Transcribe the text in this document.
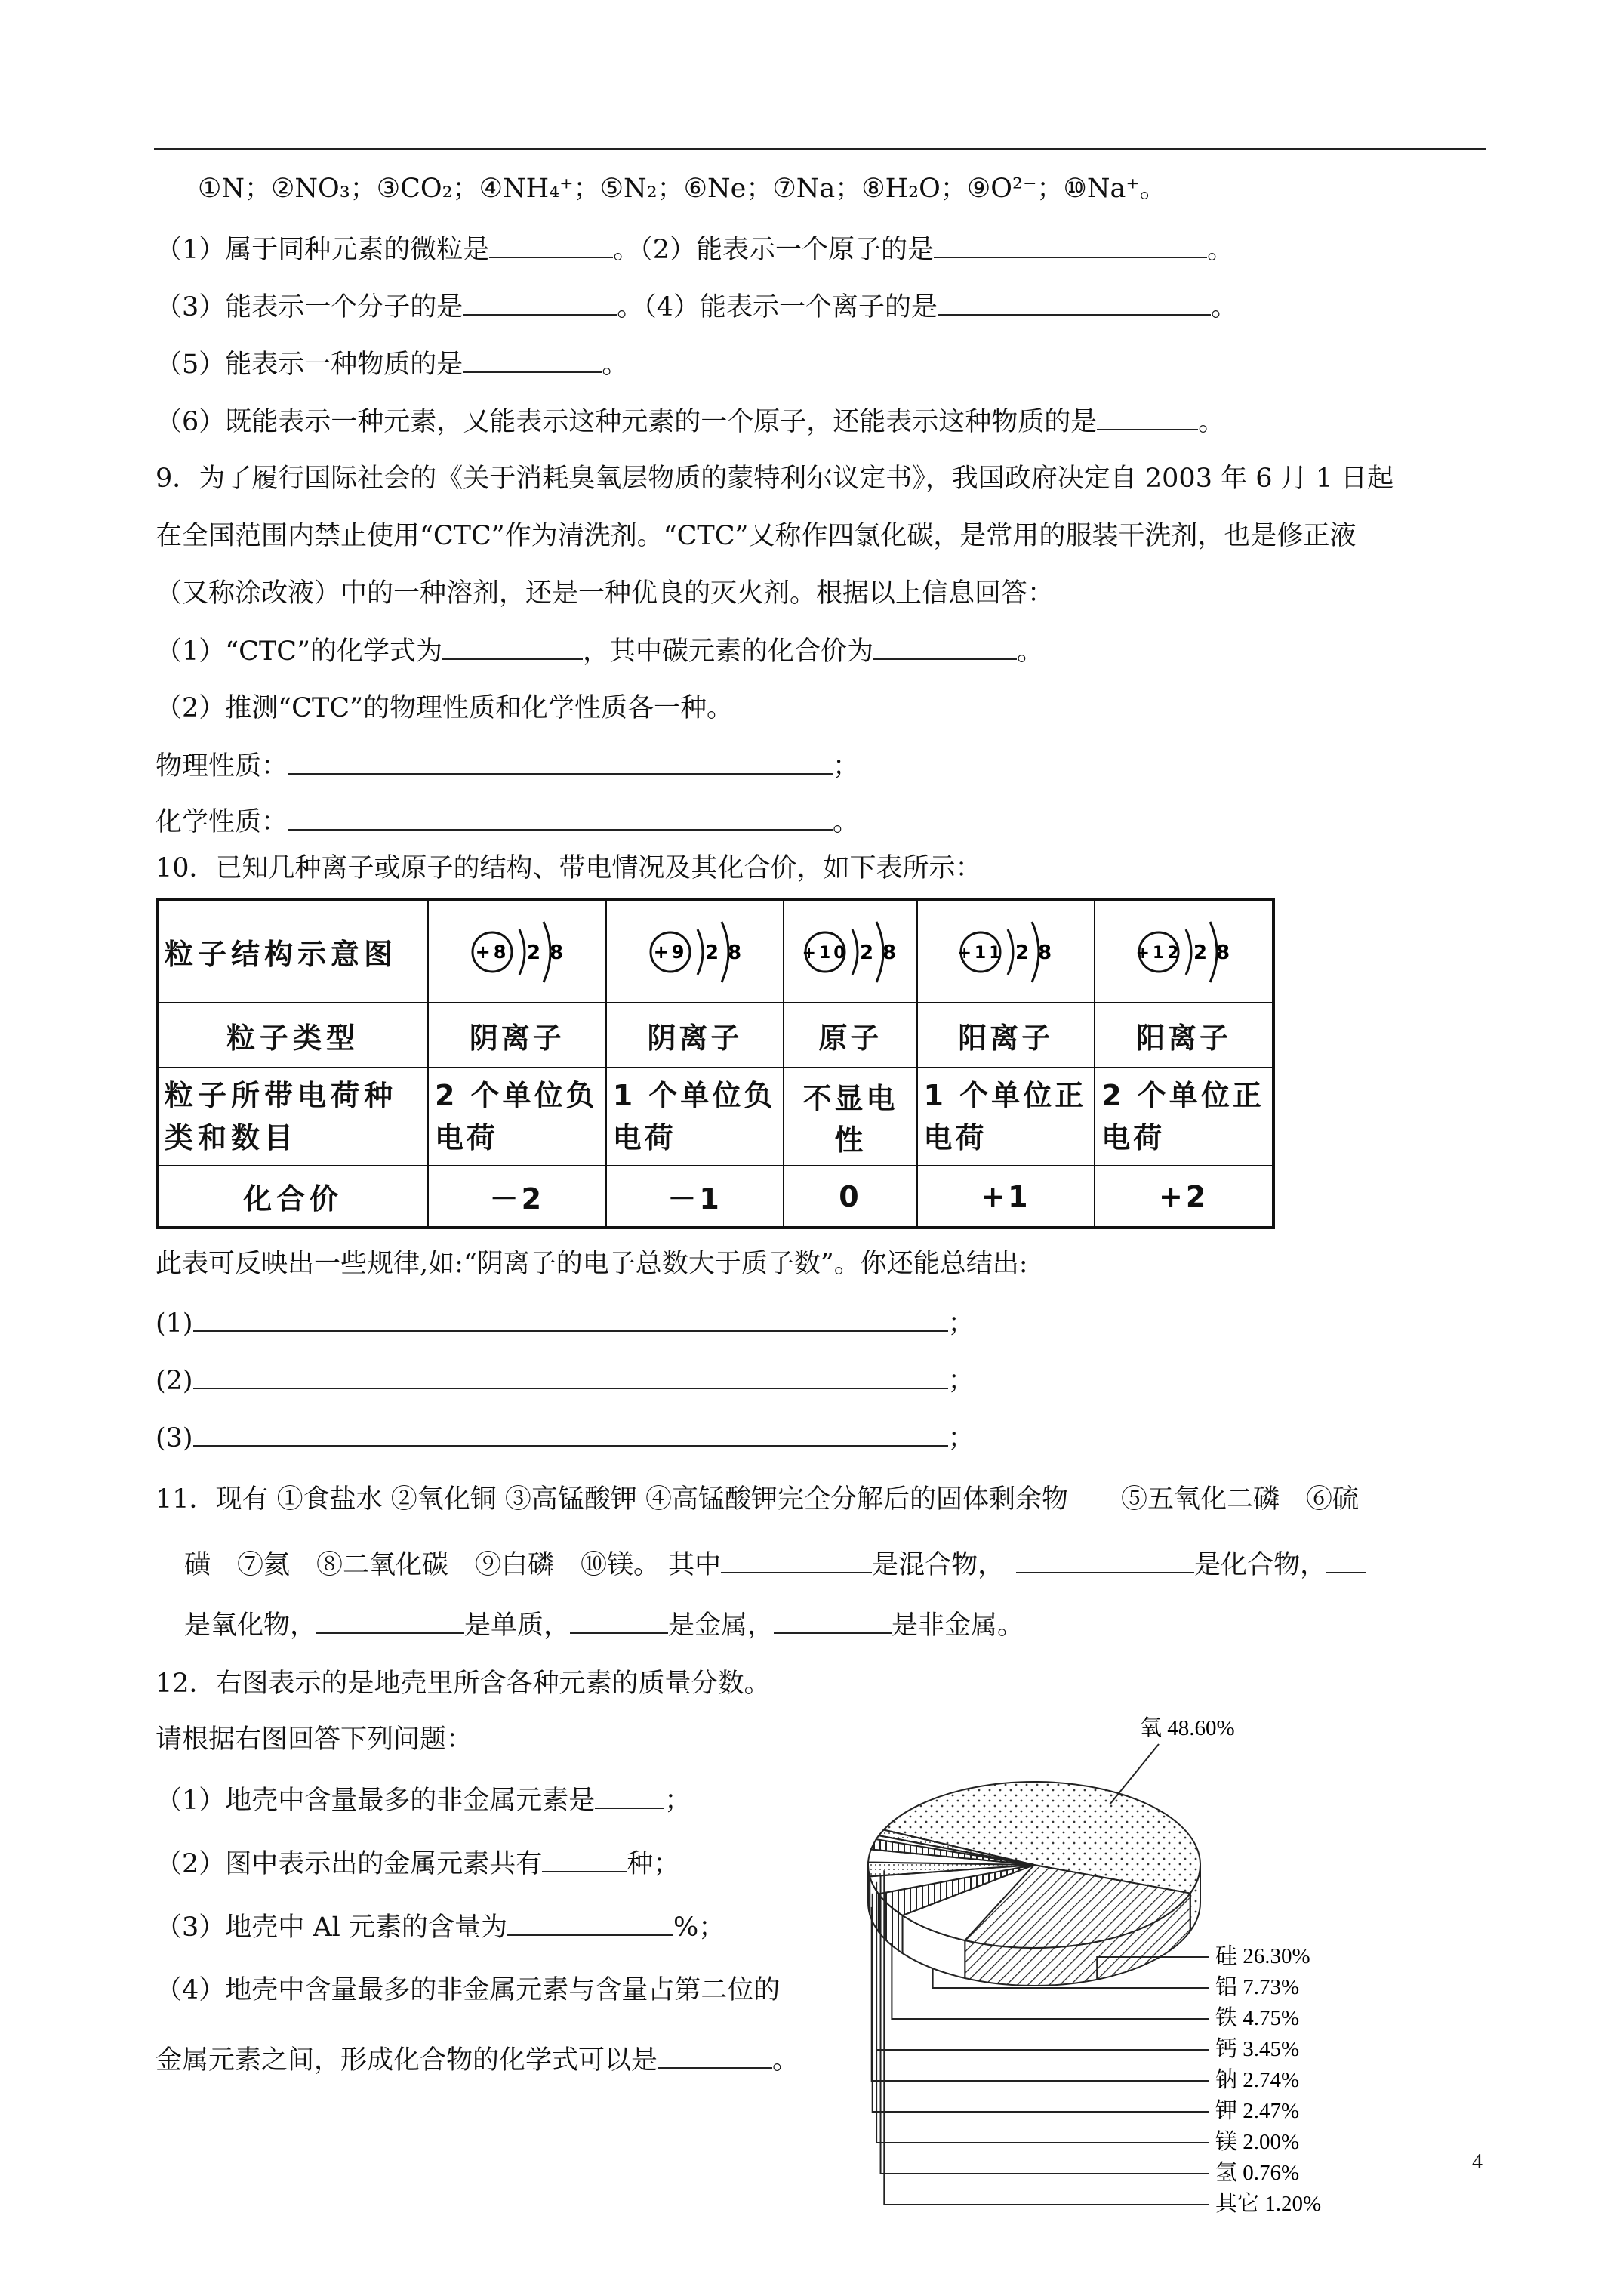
①N；②NO₃；③CO₂；④NH₄⁺；⑤N₂；⑥Ne；⑦Na；⑧H₂O；⑨O²⁻；⑩Na⁺。
（1）属于同种元素的微粒是	。（2）能表示一个原子的是	。
（3）能表示一个分子的是	。（4）能表示一个离子的是	。
（5）能表示一种物质的是	。
（6）既能表示一种元素，又能表示这种元素的一个原子，还能表示这种物质的是	。
9．为了履行国际社会的《关于消耗臭氧层物质的蒙特利尔议定书》，我国政府决定自 2003 年 6 月 1 日起
在全国范围内禁止使用“CTC”作为清洗剂。“CTC”又称作四氯化碳，是常用的服装干洗剂，也是修正液
（又称涂改液）中的一种溶剂，还是一种优良的灭火剂。根据以上信息回答：
（1）“CTC”的化学式为	，其中碳元素的化合价为	。
（2）推测“CTC”的物理性质和化学性质各一种。
物理性质：	；
化学性质：	。
10．已知几种离子或原子的结构、带电情况及其化合价，如下表所示：
粒子结构示意图	+8 2 8	+9 2 8	+10 2 8	+11 2 8	+12 2 8

粒子类型	阴离子	阴离子	原子	阳离子	阳离子
粒子所带电荷种类和数目	2 个单位负电荷	1 个单位负电荷	不显电性	1 个单位正电荷	2 个单位正电荷
化合价	－2	－1	0	+1	+2
此表可反映出一些规律,如:“阴离子的电子总数大于质子数”。你还能总结出:
(1)	；
(2)	；
(3)	；
11．现有 ①食盐水 ②氧化铜 ③高锰酸钾 ④高锰酸钾完全分解后的固体剩余物　　⑤五氧化二磷　⑥硫
磺　⑦氦　⑧二氧化碳　⑨白磷　⑩镁。 其中	是混合物，	是化合物，
是氧化物，	是单质，	是金属，	是非金属。
12．右图表示的是地壳里所含各种元素的质量分数。
请根据右图回答下列问题：
（1）地壳中含量最多的非金属元素是	；
（2）图中表示出的金属元素共有	种；
（3）地壳中 Al 元素的含量为	%；
（4）地壳中含量最多的非金属元素与含量占第二位的
金属元素之间，形成化合物的化学式可以是	。
氧 48.60%
硅 26.30%
铝 7.73%
铁 4.75%
钙 3.45%
钠 2.74%
钾 2.47%
镁 2.00%
氢 0.76%
其它 1.20%
4
